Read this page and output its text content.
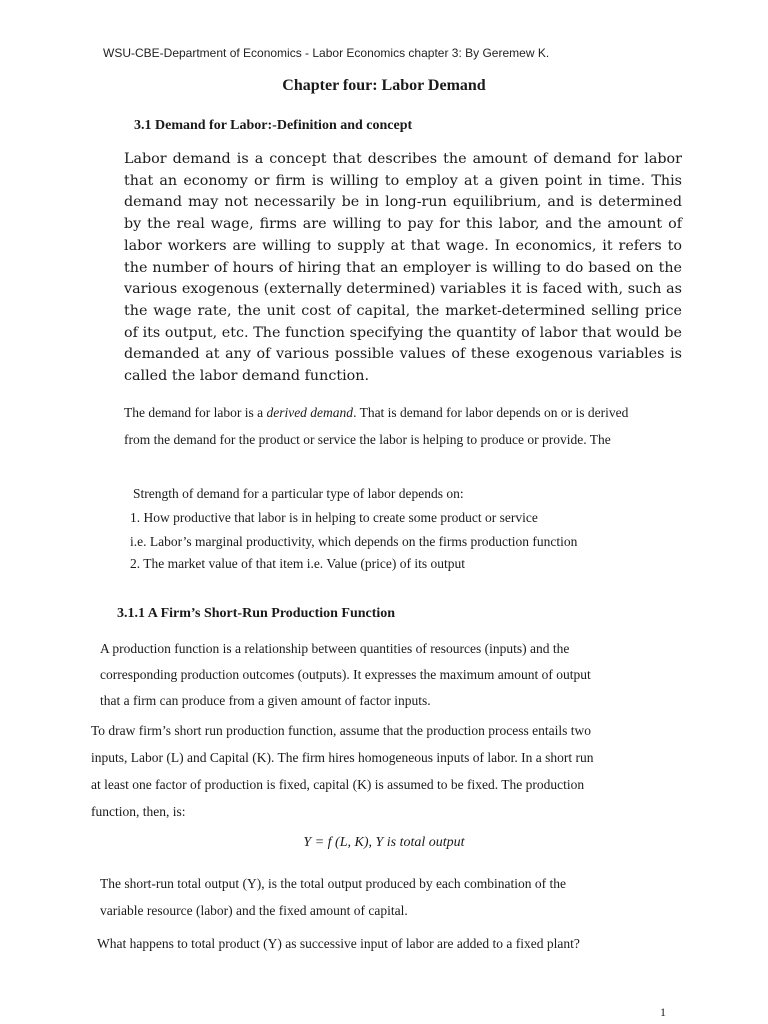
WSU-CBE-Department of Economics - Labor Economics chapter 3: By Geremew K.
Chapter four: Labor Demand
3.1 Demand for Labor:-Definition and concept

Labor demand is a concept that describes the amount of demand for labor that an economy or firm is willing to employ at a given point in time. This demand may not necessarily be in long-run equilibrium, and is determined by the real wage, firms are willing to pay for this labor, and the amount of labor workers are willing to supply at that wage. In economics, it refers to the number of hours of hiring that an employer is willing to do based on the various exogenous (externally determined) variables it is faced with, such as the wage rate, the unit cost of capital, the market-determined selling price of its output, etc. The function specifying the quantity of labor that would be demanded at any of various possible values of these exogenous variables is called the labor demand function.

The demand for labor is a derived demand. That is demand for labor depends on or is derived
from the demand for the product or service the labor is helping to produce or provide. The
Strength of demand for a particular type of labor depends on:
1. How productive that labor is in helping to create some product or service
i.e. Labor’s marginal productivity, which depends on the firms production function
2. The market value of that item i.e. Value (price) of its output
3.1.1 A Firm’s Short-Run Production Function
A production function is a relationship between quantities of resources (inputs) and the
corresponding production outcomes (outputs). It expresses the maximum amount of output
that a firm can produce from a given amount of factor inputs.
To draw firm’s short run production function, assume that the production process entails two
inputs, Labor (L) and Capital (K). The firm hires homogeneous inputs of labor. In a short run
at least one factor of production is fixed, capital (K) is assumed to be fixed. The production
function, then, is:
Y = f (L, K), Y is total output
The short-run total output (Y), is the total output produced by each combination of the
variable resource (labor) and the fixed amount of capital.
What happens to total product (Y) as successive input of labor are added to a fixed plant?
1
